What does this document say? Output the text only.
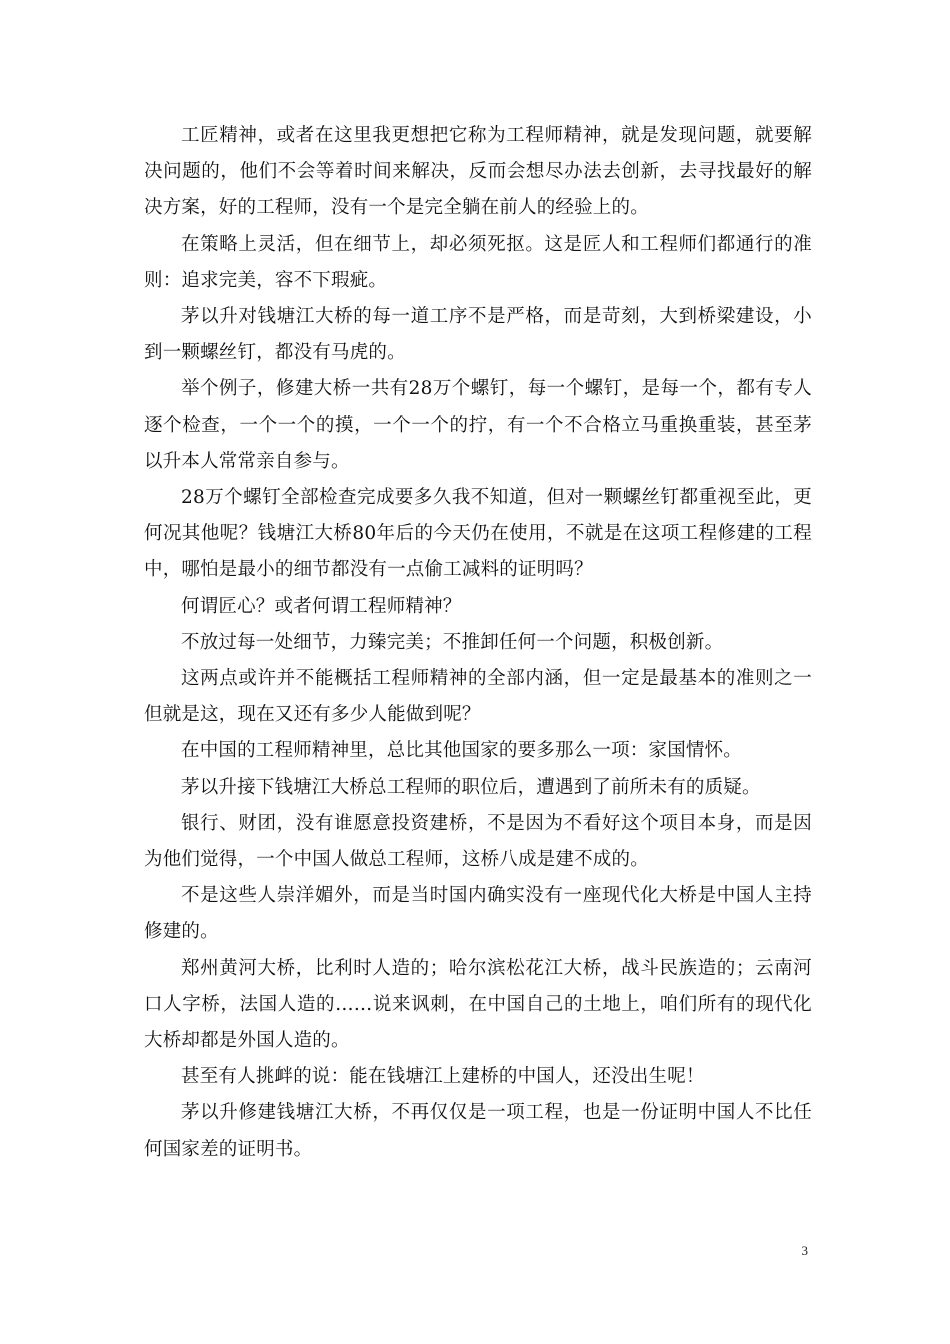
工匠精神，或者在这里我更想把它称为工程师精神，就是发现问题，就要解决问题的，他们不会等着时间来解决，反而会想尽办法去创新，去寻找最好的解决方案，好的工程师，没有一个是完全躺在前人的经验上的。

在策略上灵活，但在细节上，却必须死抠。这是匠人和工程师们都通行的准则：追求完美，容不下瑕疵。

茅以升对钱塘江大桥的每一道工序不是严格，而是苛刻，大到桥梁建设，小到一颗螺丝钉，都没有马虎的。

举个例子，修建大桥一共有28万个螺钉，每一个螺钉，是每一个，都有专人逐个检查，一个一个的摸，一个一个的拧，有一个不合格立马重换重装，甚至茅以升本人常常亲自参与。

28万个螺钉全部检查完成要多久我不知道，但对一颗螺丝钉都重视至此，更何况其他呢？钱塘江大桥80年后的今天仍在使用，不就是在这项工程修建的工程中，哪怕是最小的细节都没有一点偷工减料的证明吗？

何谓匠心？或者何谓工程师精神？

不放过每一处细节，力臻完美；不推卸任何一个问题，积极创新。

这两点或许并不能概括工程师精神的全部内涵，但一定是最基本的准则之一但就是这，现在又还有多少人能做到呢？

在中国的工程师精神里，总比其他国家的要多那么一项：家国情怀。

茅以升接下钱塘江大桥总工程师的职位后，遭遇到了前所未有的质疑。

银行、财团，没有谁愿意投资建桥，不是因为不看好这个项目本身，而是因为他们觉得，一个中国人做总工程师，这桥八成是建不成的。

不是这些人崇洋媚外，而是当时国内确实没有一座现代化大桥是中国人主持修建的。

郑州黄河大桥，比利时人造的；哈尔滨松花江大桥，战斗民族造的；云南河口人字桥，法国人造的……说来讽刺，在中国自己的土地上，咱们所有的现代化大桥却都是外国人造的。

甚至有人挑衅的说：能在钱塘江上建桥的中国人，还没出生呢！

茅以升修建钱塘江大桥，不再仅仅是一项工程，也是一份证明中国人不比任何国家差的证明书。

3
